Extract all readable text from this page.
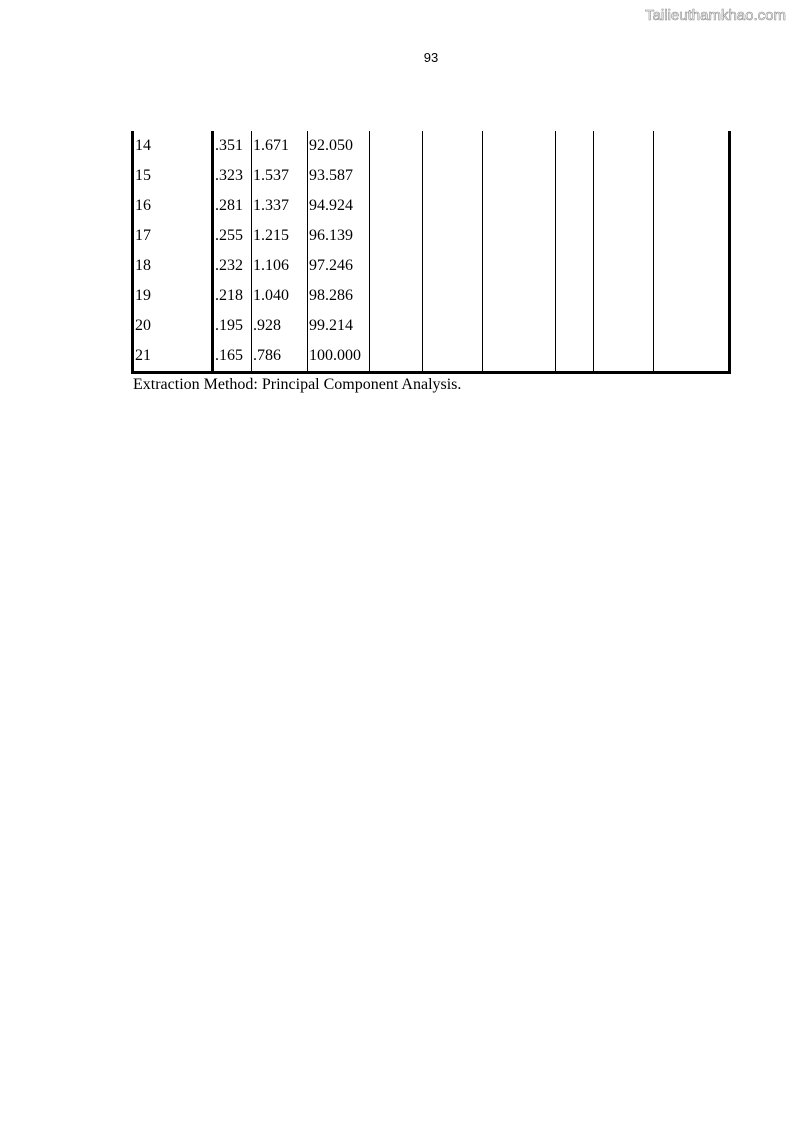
Tailieuthamkhao.com
93
14	.351	1.671	92.050						
15	.323	1.537	93.587						
16	.281	1.337	94.924						
17	.255	1.215	96.139						
18	.232	1.106	97.246						
19	.218	1.040	98.286						
20	.195	.928	99.214						
21	.165	.786	100.000						
Extraction Method: Principal Component Analysis.
